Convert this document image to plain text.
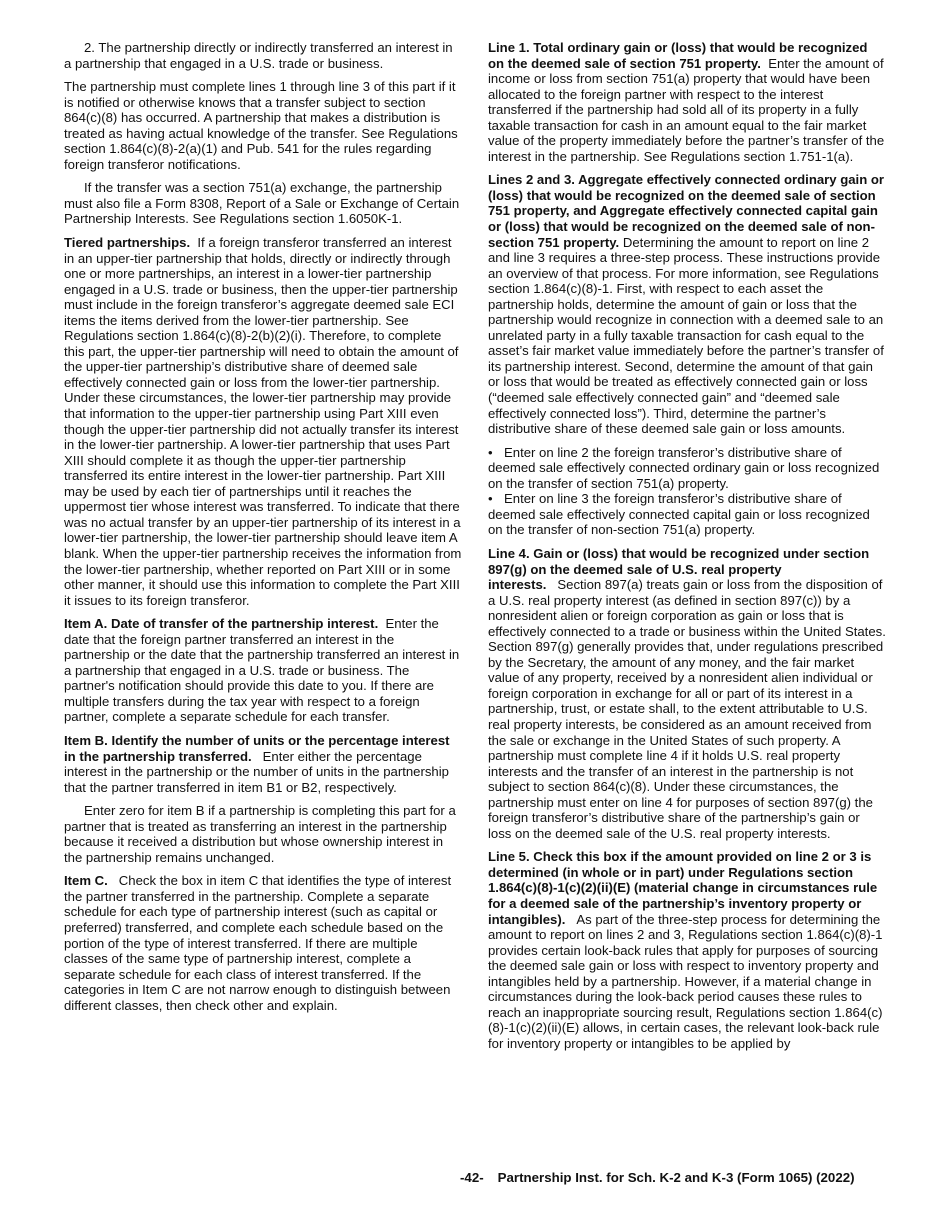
2. The partnership directly or indirectly transferred an interest in a partnership that engaged in a U.S. trade or business.

The partnership must complete lines 1 through line 3 of this part if it is notified or otherwise knows that a transfer subject to section 864(c)(8) has occurred. A partnership that makes a distribution is treated as having actual knowledge of the transfer. See Regulations section 1.864(c)(8)-2(a)(1) and Pub. 541 for the rules regarding foreign transferor notifications.

If the transfer was a section 751(a) exchange, the partnership must also file a Form 8308, Report of a Sale or Exchange of Certain Partnership Interests. See Regulations section 1.6050K-1.

Tiered partnerships. If a foreign transferor transferred an interest in an upper-tier partnership that holds, directly or indirectly through one or more partnerships, an interest in a lower-tier partnership engaged in a U.S. trade or business, then the upper-tier partnership must include in the foreign transferor’s aggregate deemed sale ECI items the items derived from the lower-tier partnership. See Regulations section 1.864(c)(8)-2(b)(2)(i). Therefore, to complete this part, the upper-tier partnership will need to obtain the amount of the upper-tier partnership’s distributive share of deemed sale effectively connected gain or loss from the lower-tier partnership. Under these circumstances, the lower-tier partnership may provide that information to the upper-tier partnership using Part XIII even though the upper-tier partnership did not actually transfer its interest in the lower-tier partnership. A lower-tier partnership that uses Part XIII should complete it as though the upper-tier partnership transferred its entire interest in the lower-tier partnership. Part XIII may be used by each tier of partnerships until it reaches the uppermost tier whose interest was transferred. To indicate that there was no actual transfer by an upper-tier partnership of its interest in a lower-tier partnership, the lower-tier partnership should leave item A blank. When the upper-tier partnership receives the information from the lower-tier partnership, whether reported on Part XIII or in some other manner, it should use this information to complete the Part XIII it issues to its foreign transferor.

Item A. Date of transfer of the partnership interest. Enter the date that the foreign partner transferred an interest in the partnership or the date that the partnership transferred an interest in a partnership that engaged in a U.S. trade or business. The partner's notification should provide this date to you. If there are multiple transfers during the tax year with respect to a foreign partner, complete a separate schedule for each transfer.

Item B. Identify the number of units or the percentage interest in the partnership transferred. Enter either the percentage interest in the partnership or the number of units in the partnership that the partner transferred in item B1 or B2, respectively.

Enter zero for item B if a partnership is completing this part for a partner that is treated as transferring an interest in the partnership because it received a distribution but whose ownership interest in the partnership remains unchanged.

Item C. Check the box in item C that identifies the type of interest the partner transferred in the partnership. Complete a separate schedule for each type of partnership interest (such as capital or preferred) transferred, and complete each schedule based on the portion of the type of interest transferred. If there are multiple classes of the same type of partnership interest, complete a separate schedule for each class of interest transferred. If the categories in Item C are not narrow enough to distinguish between different classes, then check other and explain.

Line 1. Total ordinary gain or (loss) that would be recognized on the deemed sale of section 751 property. Enter the amount of income or loss from section 751(a) property that would have been allocated to the foreign partner with respect to the interest transferred if the partnership had sold all of its property in a fully taxable transaction for cash in an amount equal to the fair market value of the property immediately before the partner’s transfer of the interest in the partnership. See Regulations section 1.751-1(a).

Lines 2 and 3. Aggregate effectively connected ordinary gain or (loss) that would be recognized on the deemed sale of section 751 property, and Aggregate effectively connected capital gain or (loss) that would be recognized on the deemed sale of non-section 751 property. Determining the amount to report on line 2 and line 3 requires a three-step process. These instructions provide an overview of that process. For more information, see Regulations section 1.864(c)(8)-1. First, with respect to each asset the partnership holds, determine the amount of gain or loss that the partnership would recognize in connection with a deemed sale to an unrelated party in a fully taxable transaction for cash equal to the asset’s fair market value immediately before the partner’s transfer of its partnership interest. Second, determine the amount of that gain or loss that would be treated as effectively connected gain or loss (“deemed sale effectively connected gain” and “deemed sale effectively connected loss”). Third, determine the partner’s distributive share of these deemed sale gain or loss amounts.

• Enter on line 2 the foreign transferor’s distributive share of deemed sale effectively connected ordinary gain or loss recognized on the transfer of section 751(a) property.

• Enter on line 3 the foreign transferor’s distributive share of deemed sale effectively connected capital gain or loss recognized on the transfer of non-section 751(a) property.

Line 4. Gain or (loss) that would be recognized under section 897(g) on the deemed sale of U.S. real property interests. Section 897(a) treats gain or loss from the disposition of a U.S. real property interest (as defined in section 897(c)) by a nonresident alien or foreign corporation as gain or loss that is effectively connected to a trade or business within the United States. Section 897(g) generally provides that, under regulations prescribed by the Secretary, the amount of any money, and the fair market value of any property, received by a nonresident alien individual or foreign corporation in exchange for all or part of its interest in a partnership, trust, or estate shall, to the extent attributable to U.S. real property interests, be considered as an amount received from the sale or exchange in the United States of such property. A partnership must complete line 4 if it holds U.S. real property interests and the transfer of an interest in the partnership is not subject to section 864(c)(8). Under these circumstances, the partnership must enter on line 4 for purposes of section 897(g) the foreign transferor’s distributive share of the partnership’s gain or loss on the deemed sale of the U.S. real property interests.

Line 5. Check this box if the amount provided on line 2 or 3 is determined (in whole or in part) under Regulations section 1.864(c)(8)-1(c)(2)(ii)(E) (material change in circumstances rule for a deemed sale of the partnership’s inventory property or intangibles). As part of the three-step process for determining the amount to report on lines 2 and 3, Regulations section 1.864(c)(8)-1 provides certain look-back rules that apply for purposes of sourcing the deemed sale gain or loss with respect to inventory property and intangibles held by a partnership. However, if a material change in circumstances during the look-back period causes these rules to reach an inappropriate sourcing result, Regulations section 1.864(c)(8)-1(c)(2)(ii)(E) allows, in certain cases, the relevant look-back rule for inventory property or intangibles to be applied by

-42- Partnership Inst. for Sch. K-2 and K-3 (Form 1065) (2022)
